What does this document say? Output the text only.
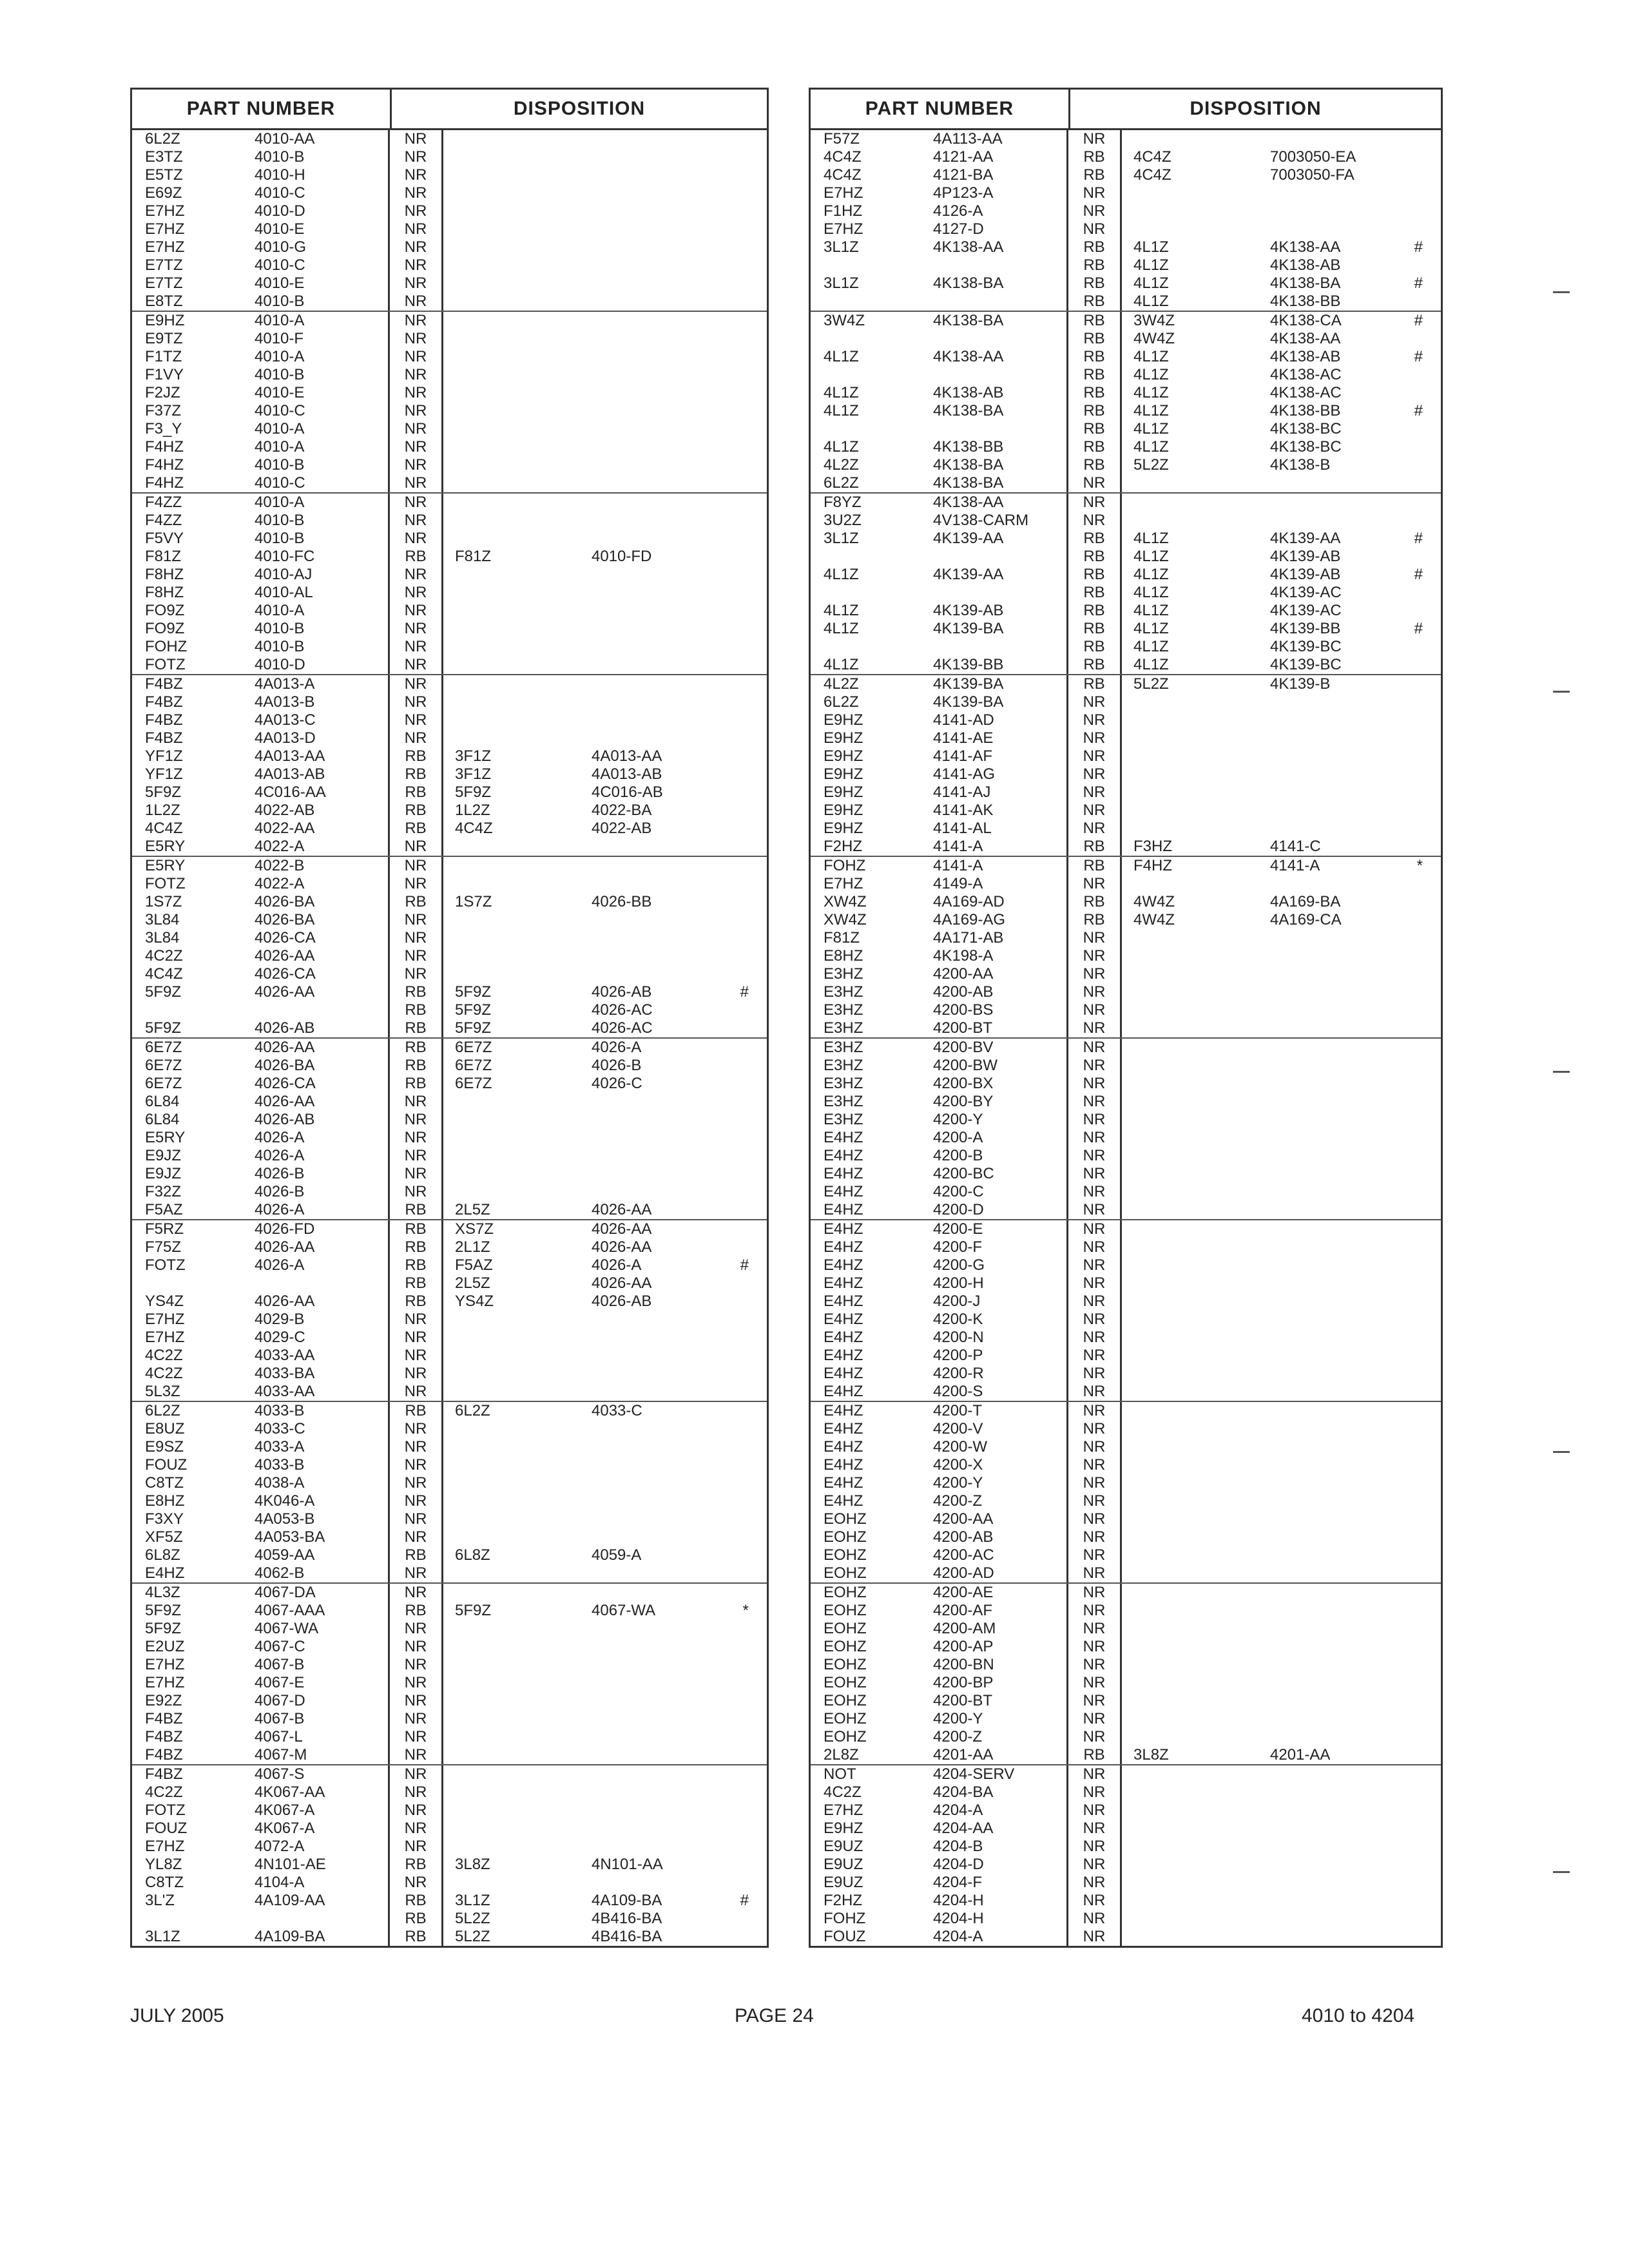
PART NUMBER	DISPOSITION
6L2Z	4010-AA	NR
E3TZ	4010-B	NR
E5TZ	4010-H	NR
E69Z	4010-C	NR
E7HZ	4010-D	NR
E7HZ	4010-E	NR
E7HZ	4010-G	NR
E7TZ	4010-C	NR
E7TZ	4010-E	NR
E8TZ	4010-B	NR
E9HZ	4010-A	NR
E9TZ	4010-F	NR
F1TZ	4010-A	NR
F1VY	4010-B	NR
F2JZ	4010-E	NR
F37Z	4010-C	NR
F3_Y	4010-A	NR
F4HZ	4010-A	NR
F4HZ	4010-B	NR
F4HZ	4010-C	NR
F4ZZ	4010-A	NR
F4ZZ	4010-B	NR
F5VY	4010-B	NR
F81Z	4010-FC	RB	F81Z	4010-FD
F8HZ	4010-AJ	NR
F8HZ	4010-AL	NR
FO9Z	4010-A	NR
FO9Z	4010-B	NR
FOHZ	4010-B	NR
FOTZ	4010-D	NR
F4BZ	4A013-A	NR
F4BZ	4A013-B	NR
F4BZ	4A013-C	NR
F4BZ	4A013-D	NR
YF1Z	4A013-AA	RB	3F1Z	4A013-AA
YF1Z	4A013-AB	RB	3F1Z	4A013-AB
5F9Z	4C016-AA	RB	5F9Z	4C016-AB
1L2Z	4022-AB	RB	1L2Z	4022-BA
4C4Z	4022-AA	RB	4C4Z	4022-AB
E5RY	4022-A	NR
E5RY	4022-B	NR
FOTZ	4022-A	NR
1S7Z	4026-BA	RB	1S7Z	4026-BB
3L84	4026-BA	NR
3L84	4026-CA	NR
4C2Z	4026-AA	NR
4C4Z	4026-CA	NR
5F9Z	4026-AA	RB	5F9Z	4026-AB	#
RB	5F9Z	4026-AC
5F9Z	4026-AB	RB	5F9Z	4026-AC
6E7Z	4026-AA	RB	6E7Z	4026-A
6E7Z	4026-BA	RB	6E7Z	4026-B
6E7Z	4026-CA	RB	6E7Z	4026-C
6L84	4026-AA	NR
6L84	4026-AB	NR
E5RY	4026-A	NR
E9JZ	4026-A	NR
E9JZ	4026-B	NR
F32Z	4026-B	NR
F5AZ	4026-A	RB	2L5Z	4026-AA
F5RZ	4026-FD	RB	XS7Z	4026-AA
F75Z	4026-AA	RB	2L1Z	4026-AA
FOTZ	4026-A	RB	F5AZ	4026-A	#
RB	2L5Z	4026-AA
YS4Z	4026-AA	RB	YS4Z	4026-AB
E7HZ	4029-B	NR
E7HZ	4029-C	NR
4C2Z	4033-AA	NR
4C2Z	4033-BA	NR
5L3Z	4033-AA	NR
6L2Z	4033-B	RB	6L2Z	4033-C
E8UZ	4033-C	NR
E9SZ	4033-A	NR
FOUZ	4033-B	NR
C8TZ	4038-A	NR
E8HZ	4K046-A	NR
F3XY	4A053-B	NR
XF5Z	4A053-BA	NR
6L8Z	4059-AA	RB	6L8Z	4059-A
E4HZ	4062-B	NR
4L3Z	4067-DA	NR
5F9Z	4067-AAA	RB	5F9Z	4067-WA	*
5F9Z	4067-WA	NR
E2UZ	4067-C	NR
E7HZ	4067-B	NR
E7HZ	4067-E	NR
E92Z	4067-D	NR
F4BZ	4067-B	NR
F4BZ	4067-L	NR
F4BZ	4067-M	NR
F4BZ	4067-S	NR
4C2Z	4K067-AA	NR
FOTZ	4K067-A	NR
FOUZ	4K067-A	NR
E7HZ	4072-A	NR
YL8Z	4N101-AE	RB	3L8Z	4N101-AA
C8TZ	4104-A	NR
3L'Z	4A109-AA	RB	3L1Z	4A109-BA	#
RB	5L2Z	4B416-BA
3L1Z	4A109-BA	RB	5L2Z	4B416-BA
PART NUMBER	DISPOSITION
F57Z	4A113-AA	NR
4C4Z	4121-AA	RB	4C4Z	7003050-EA
4C4Z	4121-BA	RB	4C4Z	7003050-FA
E7HZ	4P123-A	NR
F1HZ	4126-A	NR
E7HZ	4127-D	NR
3L1Z	4K138-AA	RB	4L1Z	4K138-AA	#
RB	4L1Z	4K138-AB
3L1Z	4K138-BA	RB	4L1Z	4K138-BA	#
RB	4L1Z	4K138-BB
3W4Z	4K138-BA	RB	3W4Z	4K138-CA	#
RB	4W4Z	4K138-AA
4L1Z	4K138-AA	RB	4L1Z	4K138-AB	#
RB	4L1Z	4K138-AC
4L1Z	4K138-AB	RB	4L1Z	4K138-AC
4L1Z	4K138-BA	RB	4L1Z	4K138-BB	#
RB	4L1Z	4K138-BC
4L1Z	4K138-BB	RB	4L1Z	4K138-BC
4L2Z	4K138-BA	RB	5L2Z	4K138-B
6L2Z	4K138-BA	NR
F8YZ	4K138-AA	NR
3U2Z	4V138-CARM	NR
3L1Z	4K139-AA	RB	4L1Z	4K139-AA	#
RB	4L1Z	4K139-AB
4L1Z	4K139-AA	RB	4L1Z	4K139-AB	#
RB	4L1Z	4K139-AC
4L1Z	4K139-AB	RB	4L1Z	4K139-AC
4L1Z	4K139-BA	RB	4L1Z	4K139-BB	#
RB	4L1Z	4K139-BC
4L1Z	4K139-BB	RB	4L1Z	4K139-BC
4L2Z	4K139-BA	RB	5L2Z	4K139-B
6L2Z	4K139-BA	NR
E9HZ	4141-AD	NR
E9HZ	4141-AE	NR
E9HZ	4141-AF	NR
E9HZ	4141-AG	NR
E9HZ	4141-AJ	NR
E9HZ	4141-AK	NR
E9HZ	4141-AL	NR
F2HZ	4141-A	RB	F3HZ	4141-C
FOHZ	4141-A	RB	F4HZ	4141-A	*
E7HZ	4149-A	NR
XW4Z	4A169-AD	RB	4W4Z	4A169-BA
XW4Z	4A169-AG	RB	4W4Z	4A169-CA
F81Z	4A171-AB	NR
E8HZ	4K198-A	NR
E3HZ	4200-AA	NR
E3HZ	4200-AB	NR
E3HZ	4200-BS	NR
E3HZ	4200-BT	NR
E3HZ	4200-BV	NR
E3HZ	4200-BW	NR
E3HZ	4200-BX	NR
E3HZ	4200-BY	NR
E3HZ	4200-Y	NR
E4HZ	4200-A	NR
E4HZ	4200-B	NR
E4HZ	4200-BC	NR
E4HZ	4200-C	NR
E4HZ	4200-D	NR
E4HZ	4200-E	NR
E4HZ	4200-F	NR
E4HZ	4200-G	NR
E4HZ	4200-H	NR
E4HZ	4200-J	NR
E4HZ	4200-K	NR
E4HZ	4200-N	NR
E4HZ	4200-P	NR
E4HZ	4200-R	NR
E4HZ	4200-S	NR
E4HZ	4200-T	NR
E4HZ	4200-V	NR
E4HZ	4200-W	NR
E4HZ	4200-X	NR
E4HZ	4200-Y	NR
E4HZ	4200-Z	NR
EOHZ	4200-AA	NR
EOHZ	4200-AB	NR
EOHZ	4200-AC	NR
EOHZ	4200-AD	NR
EOHZ	4200-AE	NR
EOHZ	4200-AF	NR
EOHZ	4200-AM	NR
EOHZ	4200-AP	NR
EOHZ	4200-BN	NR
EOHZ	4200-BP	NR
EOHZ	4200-BT	NR
EOHZ	4200-Y	NR
EOHZ	4200-Z	NR
2L8Z	4201-AA	RB	3L8Z	4201-AA
NOT	4204-SERV	NR
4C2Z	4204-BA	NR
E7HZ	4204-A	NR
E9HZ	4204-AA	NR
E9UZ	4204-B	NR
E9UZ	4204-D	NR
E9UZ	4204-F	NR
F2HZ	4204-H	NR
FOHZ	4204-H	NR
FOUZ	4204-A	NR
JULY 2005	PAGE 24	4010 to 4204
